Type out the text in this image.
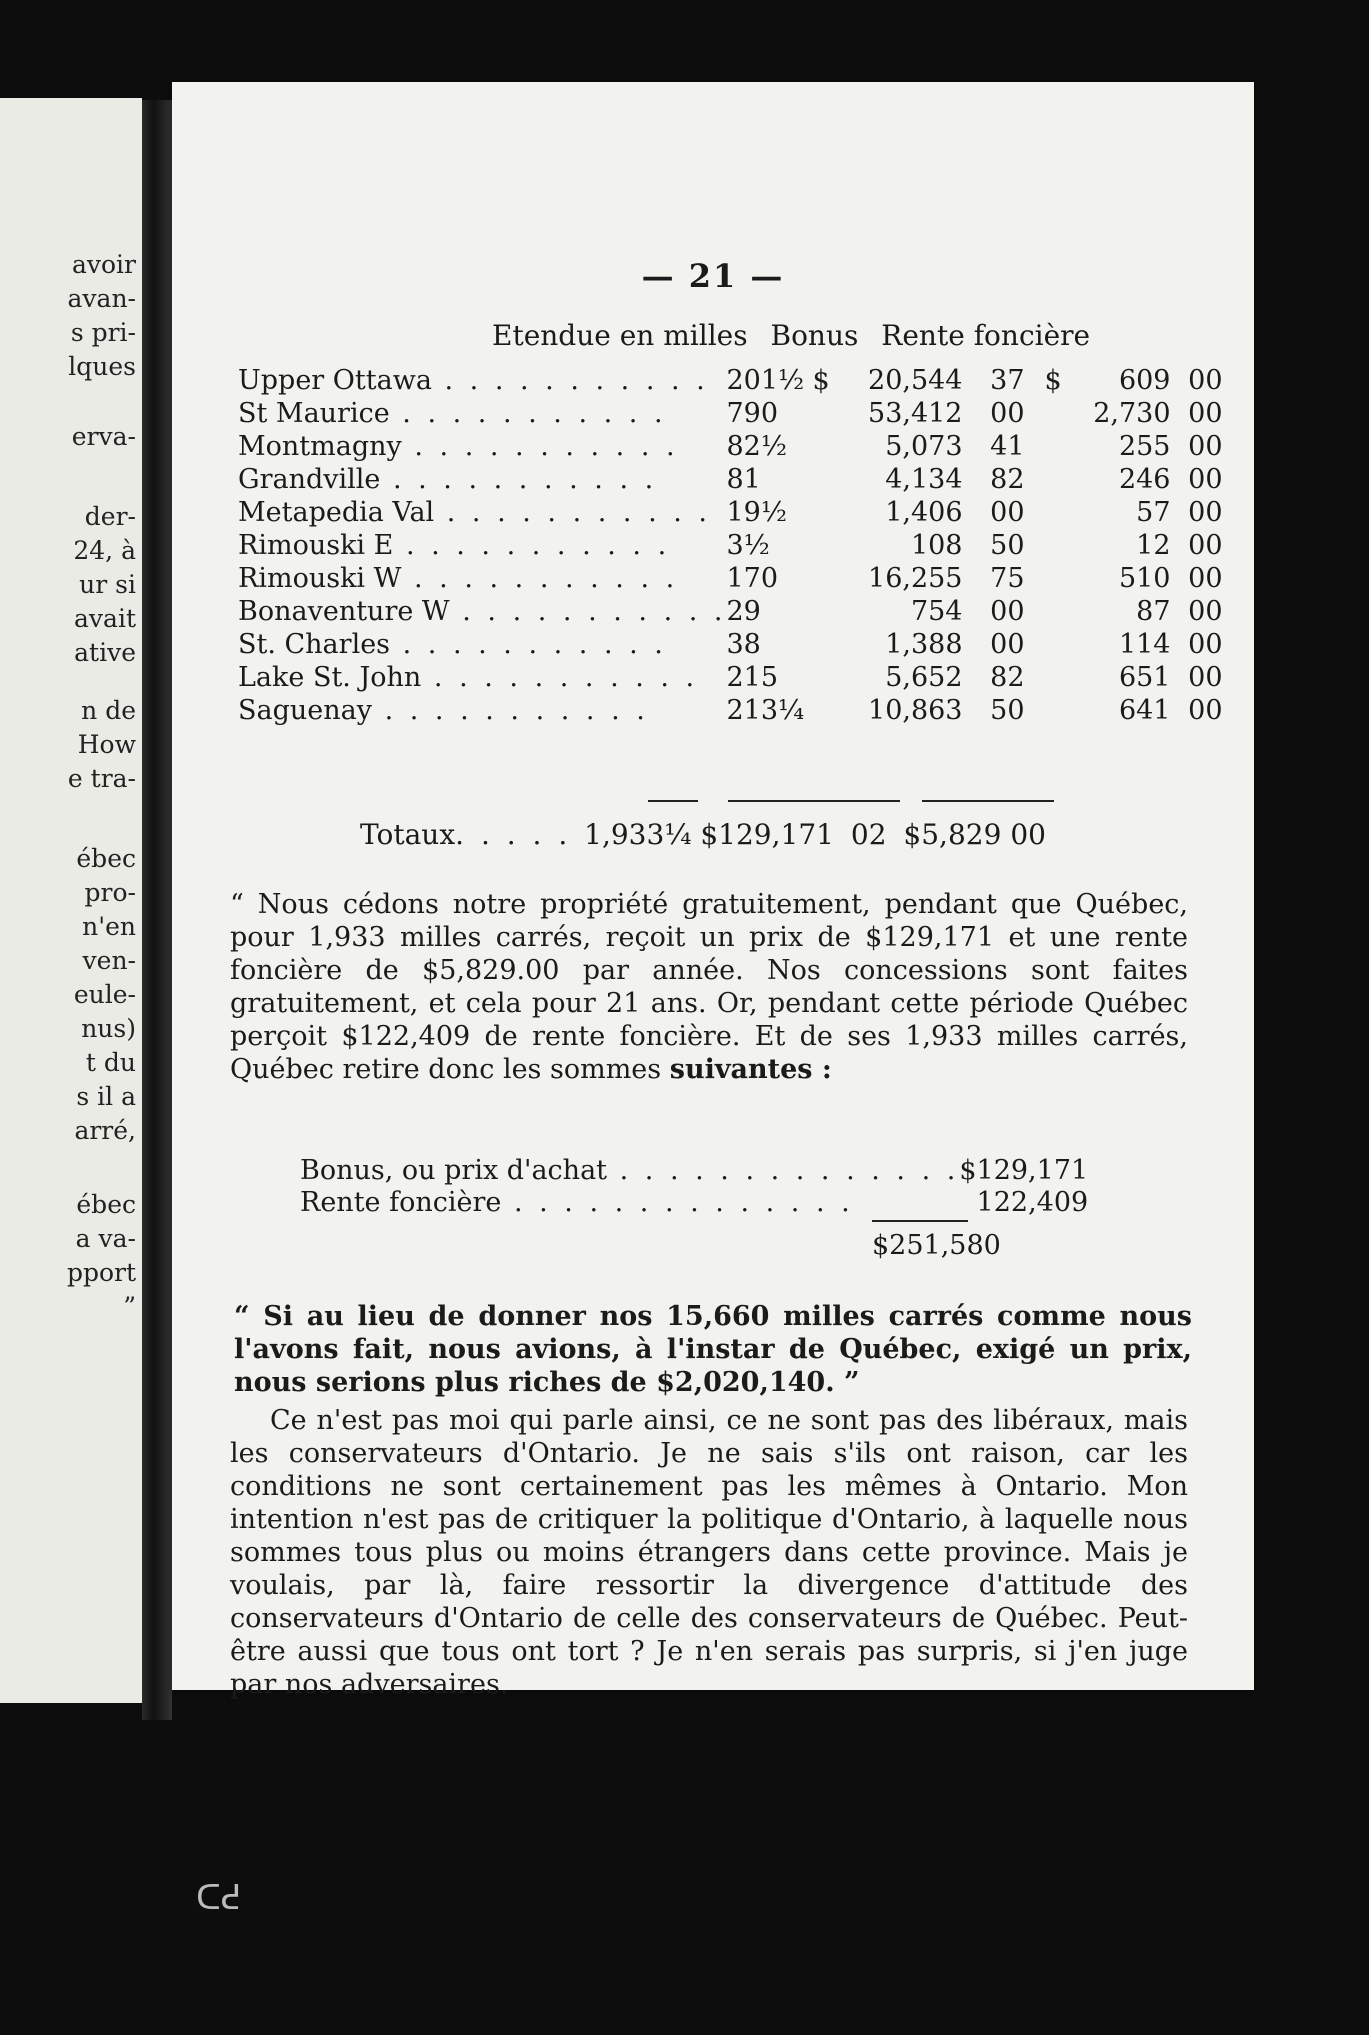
avoir
avan-
s pri-
lques
erva-
der-
24, à
ur si
avait
ative
n de
How
e tra-
ébec
pro-
n'en
ven-
eule-
nus)
t du
s il a
arré,
ébec
a va-
pport
”
— 21 —
Etendue en milles Bonus Rente foncière
Upper Ottawa . . . . . . . . . . .	201½	$	20,544	37	$	609	00
St Maurice . . . . . . . . . . .	790		53,412	00		2,730	00
Montmagny . . . . . . . . . . .	82½		5,073	41		255	00
Grandville . . . . . . . . . . .	81		4,134	82		246	00
Metapedia Val . . . . . . . . . . .	19½		1,406	00		57	00
Rimouski E . . . . . . . . . . .	3½		108	50		12	00
Rimouski W . . . . . . . . . . .	170		16,255	75		510	00
Bonaventure W . . . . . . . . . . .	29		754	00		87	00
St. Charles . . . . . . . . . . .	38		1,388	00		114	00
Lake St. John . . . . . . . . . . .	215		5,652	82		651	00
Saguenay . . . . . . . . . . .	213¼		10,863	50		641	00
Totaux. . . . . 1,933¼ $129,171 02 $5,829 00
“ Nous cédons notre propriété gratuitement, pendant que Québec, pour 1,933 milles carrés, reçoit un prix de $129,171 et une rente foncière de $5,829.00 par année. Nos concessions sont faites gratuitement, et cela pour 21 ans. Or, pendant cette période Québec perçoit $122,409 de rente foncière. Et de ses 1,933 milles carrés, Québec retire donc les sommes suivantes :
Bonus, ou prix d'achat . . . . . . . . . . . . . .	$129,171
Rente foncière . . . . . . . . . . . . . .	122,409
$251,580
“ Si au lieu de donner nos 15,660 milles carrés comme nous l'avons fait, nous avions, à l'instar de Québec, exigé un prix, nous serions plus riches de $2,020,140. ”
Ce n'est pas moi qui parle ainsi, ce ne sont pas des libéraux, mais les conservateurs d'Ontario. Je ne sais s'ils ont raison, car les conditions ne sont certainement pas les mêmes à Ontario. Mon intention n'est pas de critiquer la politique d'Ontario, à laquelle nous sommes tous plus ou moins étrangers dans cette province. Mais je voulais, par là, faire ressortir la divergence d'attitude des conservateurs d'Ontario de celle des conservateurs de Québec. Peut-être aussi que tous ont tort ? Je n'en serais pas surpris, si j'en juge par nos adversaires.
ᑕᕍ
